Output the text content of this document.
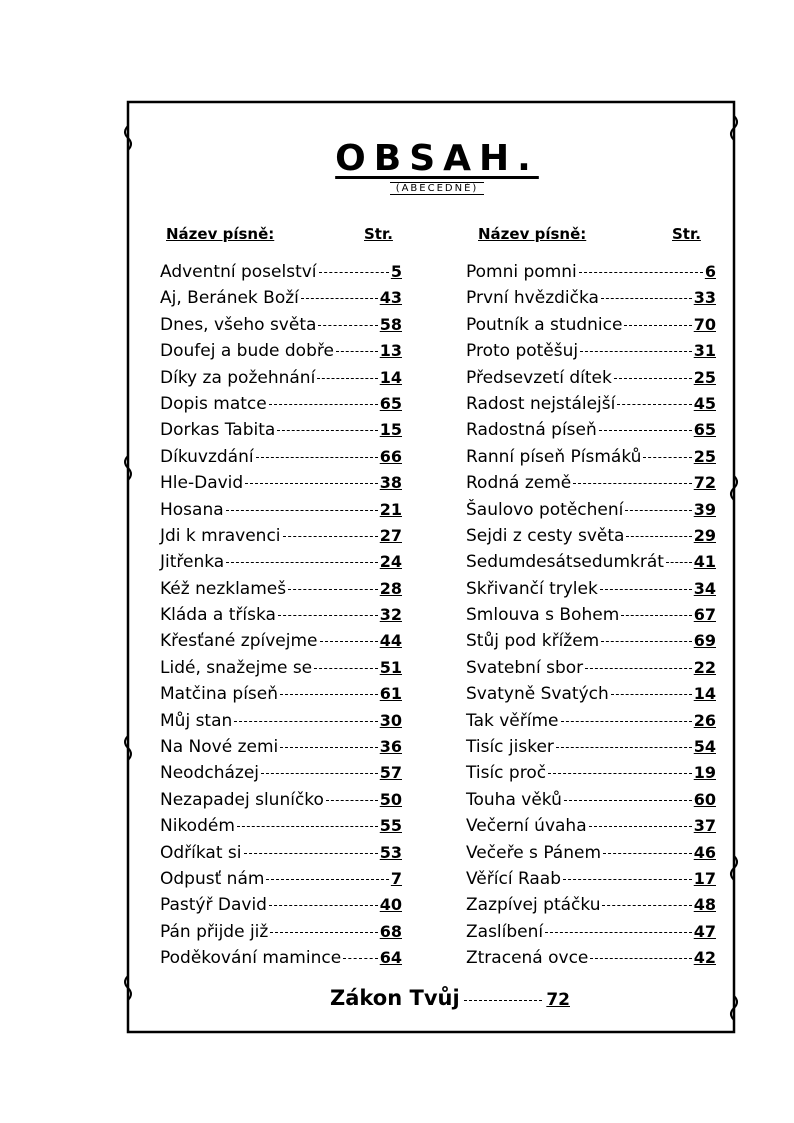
OBSAH.
(ABECEDNĚ)
Název písně:	Str.	Název písně:	Str.
Adventní poselství	5
Aj, Beránek Boží	43
Dnes, všeho světa	58
Doufej a bude dobře	13
Díky za požehnání	14
Dopis matce	65
Dorkas Tabita	15
Díkuvzdání	66
Hle-David	38
Hosana	21
Jdi k mravenci	27
Jitřenka	24
Kéž nezklameš	28
Kláda a tříska	32
Křesťané zpívejme	44
Lidé, snažejme se	51
Matčina píseň	61
Můj stan	30
Na Nové zemi	36
Neodcházej	57
Nezapadej sluníčko	50
Nikodém	55
Odříkat si	53
Odpusť nám	7
Pastýř David	40
Pán přijde již	68
Poděkování mamince 64
Pomni pomni	6
První hvězdička	33
Poutník a studnice	70
Proto potěšuj	31
Předsevzetí dítek	25
Radost nejstálejší	45
Radostná píseň	65
Ranní píseň Písmáků	25
Rodná země	72
Šaulovo potěchení	39
Sejdi z cesty světa	29
Sedumdesátsedumkrát 41
Skřivančí trylek	34
Smlouva s Bohem	67
Stůj pod křížem	69
Svatební sbor	22
Svatyně Svatých	14
Tak věříme	26
Tisíc jisker	54
Tisíc proč	19
Touha věků	60
Večerní úvaha	37
Večeře s Pánem	46
Věřící Raab	17
Zazpívej ptáčku	48
Zaslíbení	47
Ztracená ovce	42
Zákon Tvůj	72
